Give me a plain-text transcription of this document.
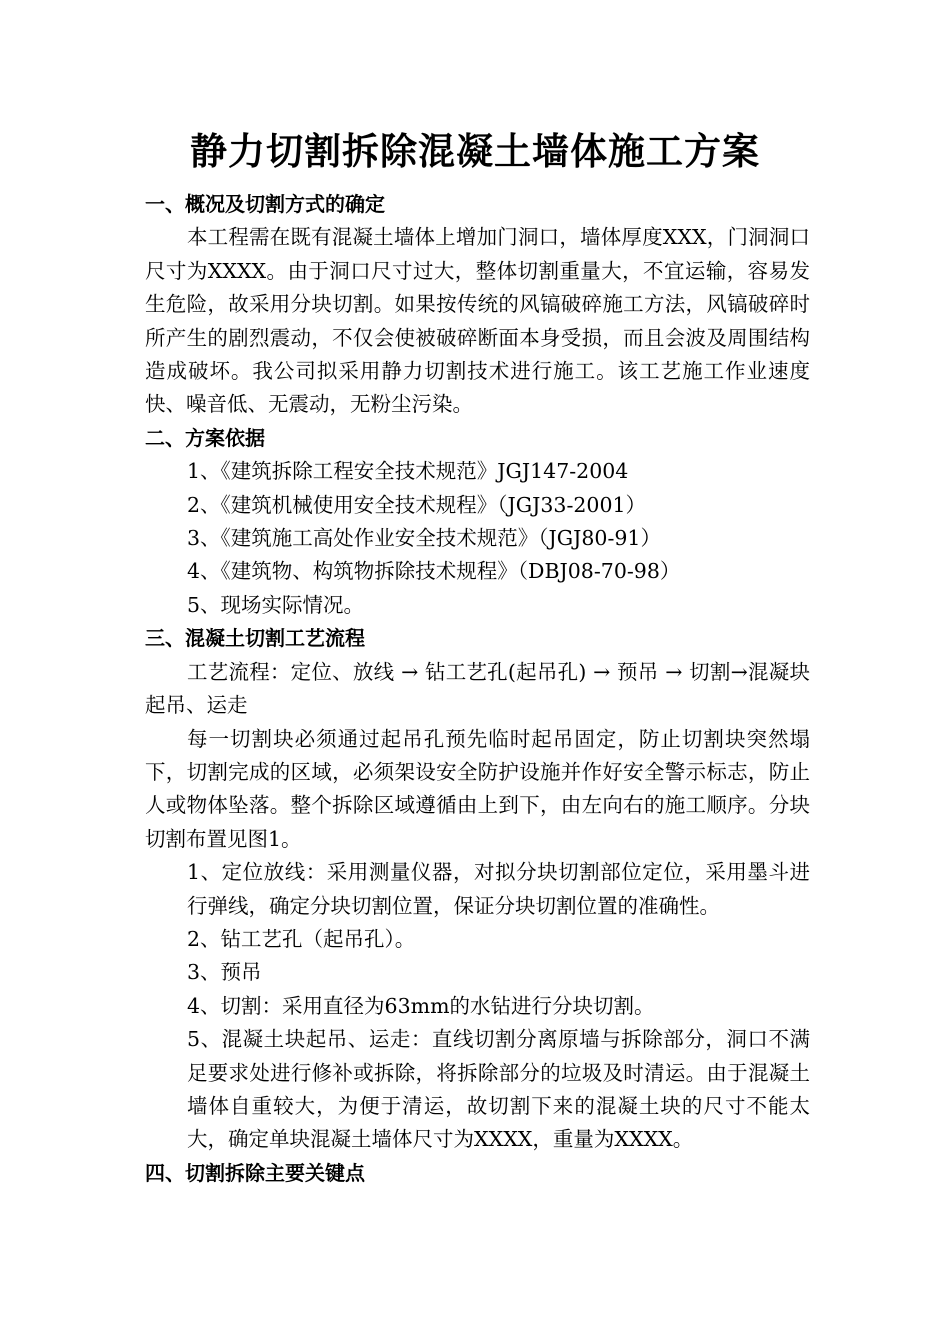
静力切割拆除混凝土墙体施工方案

一、概况及切割方式的确定

本工程需在既有混凝土墙体上增加门洞口，墙体厚度XXX，门洞洞口尺寸为XXXX。由于洞口尺寸过大，整体切割重量大，不宜运输，容易发生危险，故采用分块切割。如果按传统的风镐破碎施工方法，风镐破碎时所产生的剧烈震动，不仅会使被破碎断面本身受损，而且会波及周围结构造成破坏。我公司拟采用静力切割技术进行施工。该工艺施工作业速度快、噪音低、无震动，无粉尘污染。

二、方案依据

1、《建筑拆除工程安全技术规范》JGJ147-2004

2、《建筑机械使用安全技术规程》（JGJ33-2001）

3、《建筑施工高处作业安全技术规范》（JGJ80-91）

4、《建筑物、构筑物拆除技术规程》（DBJ08-70-98）

5、现场实际情况。

三、混凝土切割工艺流程

工艺流程：定位、放线 → 钻工艺孔(起吊孔) → 预吊 → 切割→混凝块起吊、运走

每一切割块必须通过起吊孔预先临时起吊固定，防止切割块突然塌下，切割完成的区域，必须架设安全防护设施并作好安全警示标志，防止人或物体坠落。整个拆除区域遵循由上到下，由左向右的施工顺序。分块切割布置见图1。

1、定位放线：采用测量仪器，对拟分块切割部位定位，采用墨斗进行弹线，确定分块切割位置，保证分块切割位置的准确性。

2、钻工艺孔（起吊孔）。

3、预吊

4、切割：采用直径为63mm的水钻进行分块切割。

5、混凝土块起吊、运走：直线切割分离原墙与拆除部分，洞口不满足要求处进行修补或拆除，将拆除部分的垃圾及时清运。由于混凝土墙体自重较大，为便于清运，故切割下来的混凝土块的尺寸不能太大，确定单块混凝土墙体尺寸为XXXX，重量为XXXX。

四、切割拆除主要关键点
